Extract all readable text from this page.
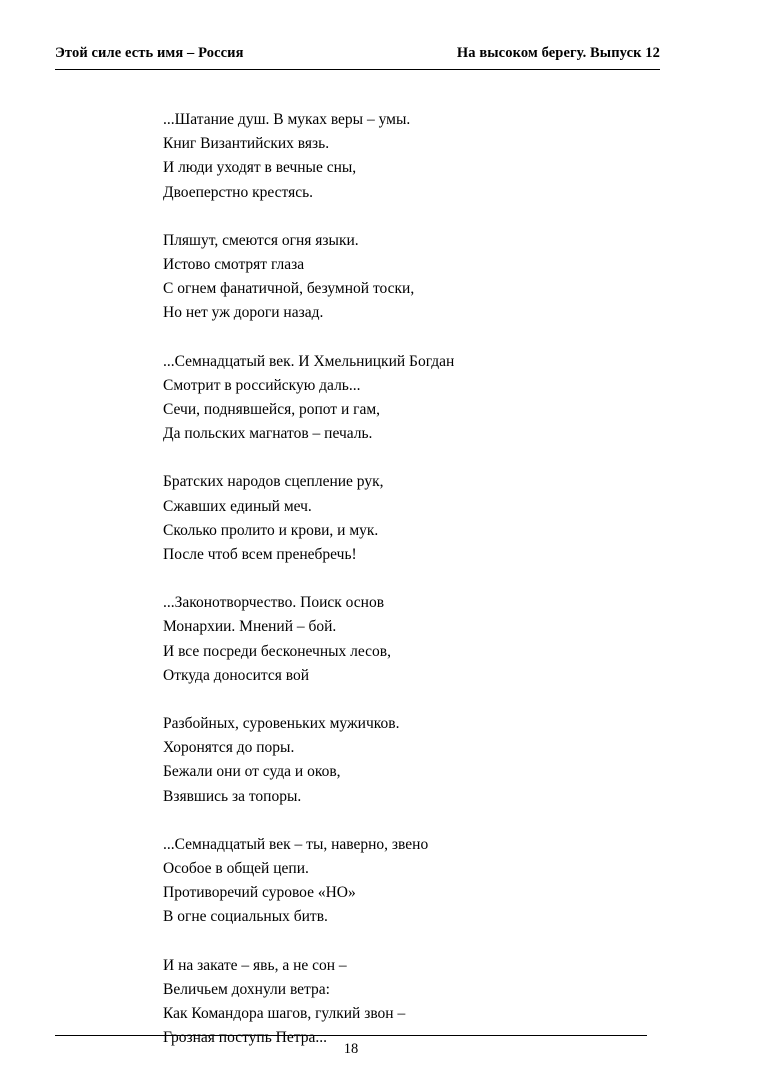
Этой силе есть имя – Россия	На высоком берегу. Выпуск 12
...Шатание душ. В муках веры – умы.
Книг Византийских вязь.
И люди уходят в вечные сны,
Двоеперстно крестясь.
Пляшут, смеются огня языки.
Истово смотрят глаза
С огнем фанатичной, безумной тоски,
Но нет уж дороги назад.
...Семнадцатый век. И Хмельницкий Богдан
Смотрит в российскую даль...
Сечи, поднявшейся, ропот и гам,
Да польских магнатов – печаль.
Братских народов сцепление рук,
Сжавших единый меч.
Сколько пролито и крови, и мук.
После чтоб всем пренебречь!
...Законотворчество. Поиск основ
Монархии. Мнений – бой.
И все посреди бесконечных лесов,
Откуда доносится вой
Разбойных, суровеньких мужичков.
Хоронятся до поры.
Бежали они от суда и оков,
Взявшись за топоры.
...Семнадцатый век – ты, наверно, звено
Особое в общей цепи.
Противоречий суровое «НО»
В огне социальных битв.
И на закате – явь, а не сон –
Величьем дохнули ветра:
Как Командора шагов, гулкий звон –
Грозная поступь Петра...
18
